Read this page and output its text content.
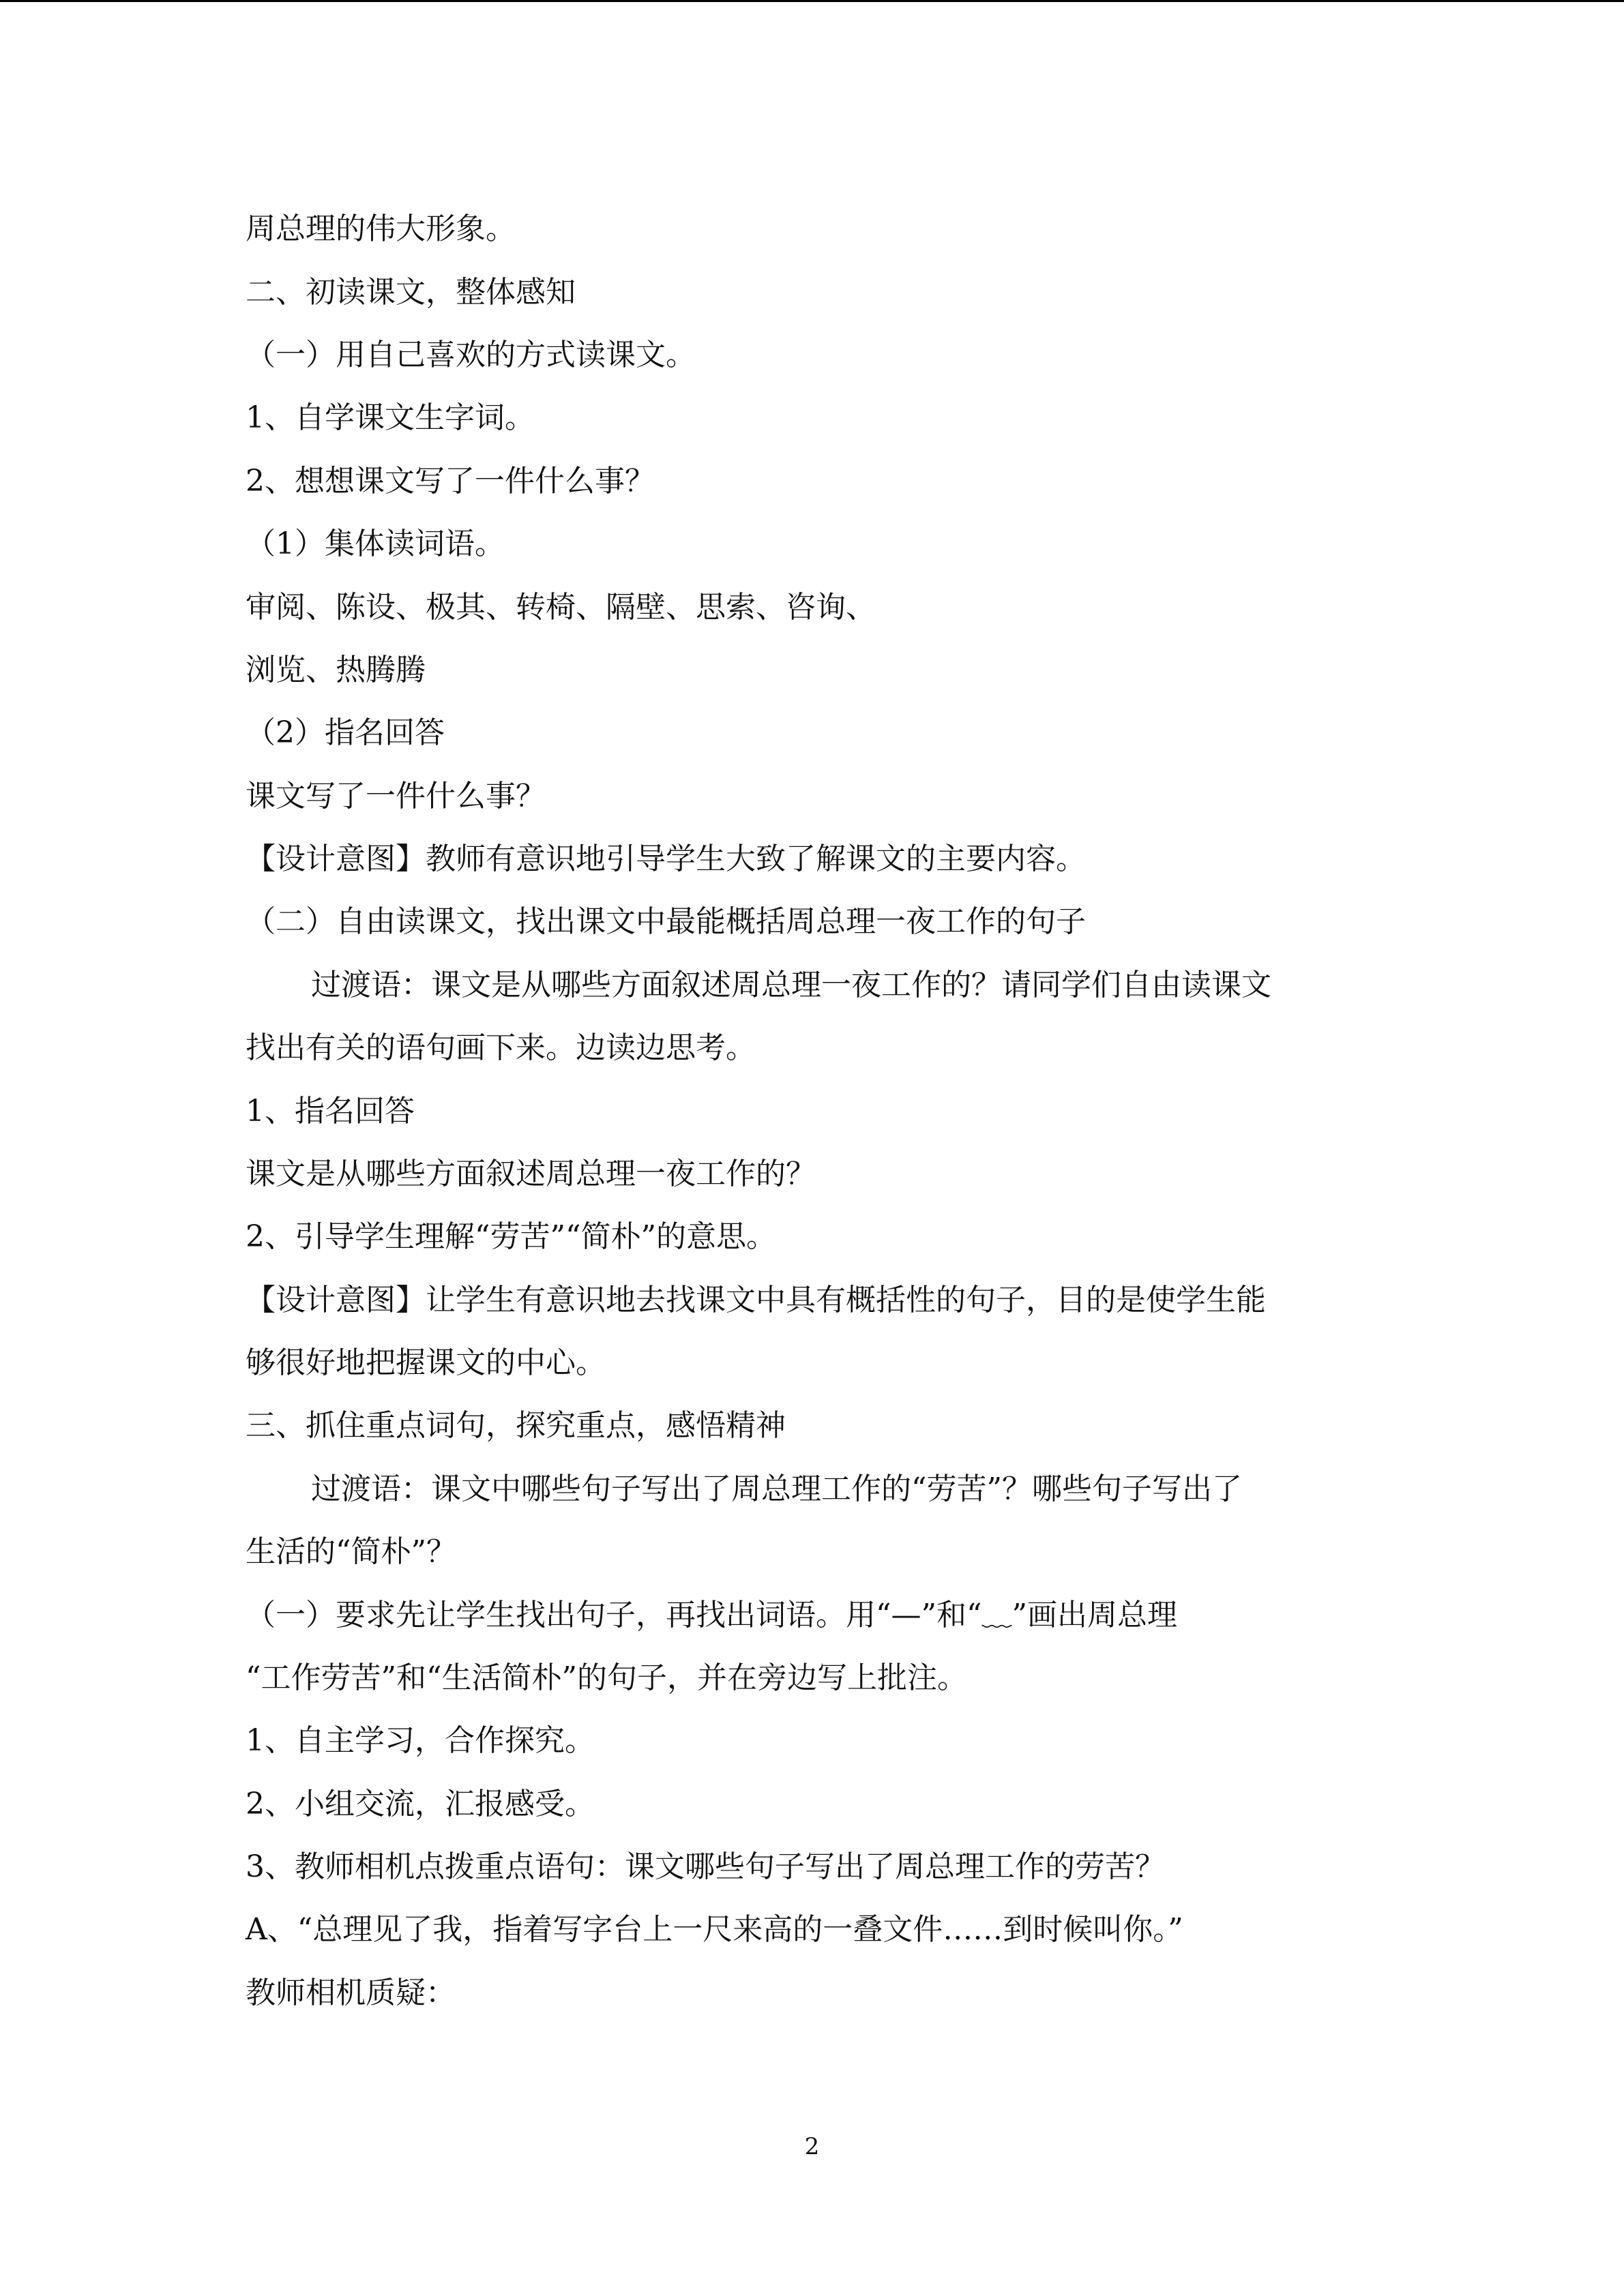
周总理的伟大形象。
二、初读课文，整体感知
（一）用自己喜欢的方式读课文。
1、自学课文生字词。
2、想想课文写了一件什么事？
（1）集体读词语。
审阅、陈设、极其、转椅、隔壁、思索、咨询、
浏览、热腾腾
（2）指名回答
课文写了一件什么事？
【设计意图】教师有意识地引导学生大致了解课文的主要内容。
（二）自由读课文，找出课文中最能概括周总理一夜工作的句子
过渡语：课文是从哪些方面叙述周总理一夜工作的？请同学们自由读课文
找出有关的语句画下来。边读边思考。
1、指名回答
课文是从哪些方面叙述周总理一夜工作的？
2、引导学生理解“劳苦”“简朴”的意思。
【设计意图】让学生有意识地去找课文中具有概括性的句子，目的是使学生能
够很好地把握课文的中心。
三、抓住重点词句，探究重点，感悟精神
过渡语：课文中哪些句子写出了周总理工作的“劳苦”？哪些句子写出了
生活的“简朴”？
（一）要求先让学生找出句子，再找出词语。用“—”和“﹏”画出周总理
“工作劳苦”和“生活简朴”的句子，并在旁边写上批注。
1、自主学习，合作探究。
2、小组交流，汇报感受。
3、教师相机点拨重点语句：课文哪些句子写出了周总理工作的劳苦？
A、“总理见了我，指着写字台上一尺来高的一叠文件……到时候叫你。”
教师相机质疑：
2
